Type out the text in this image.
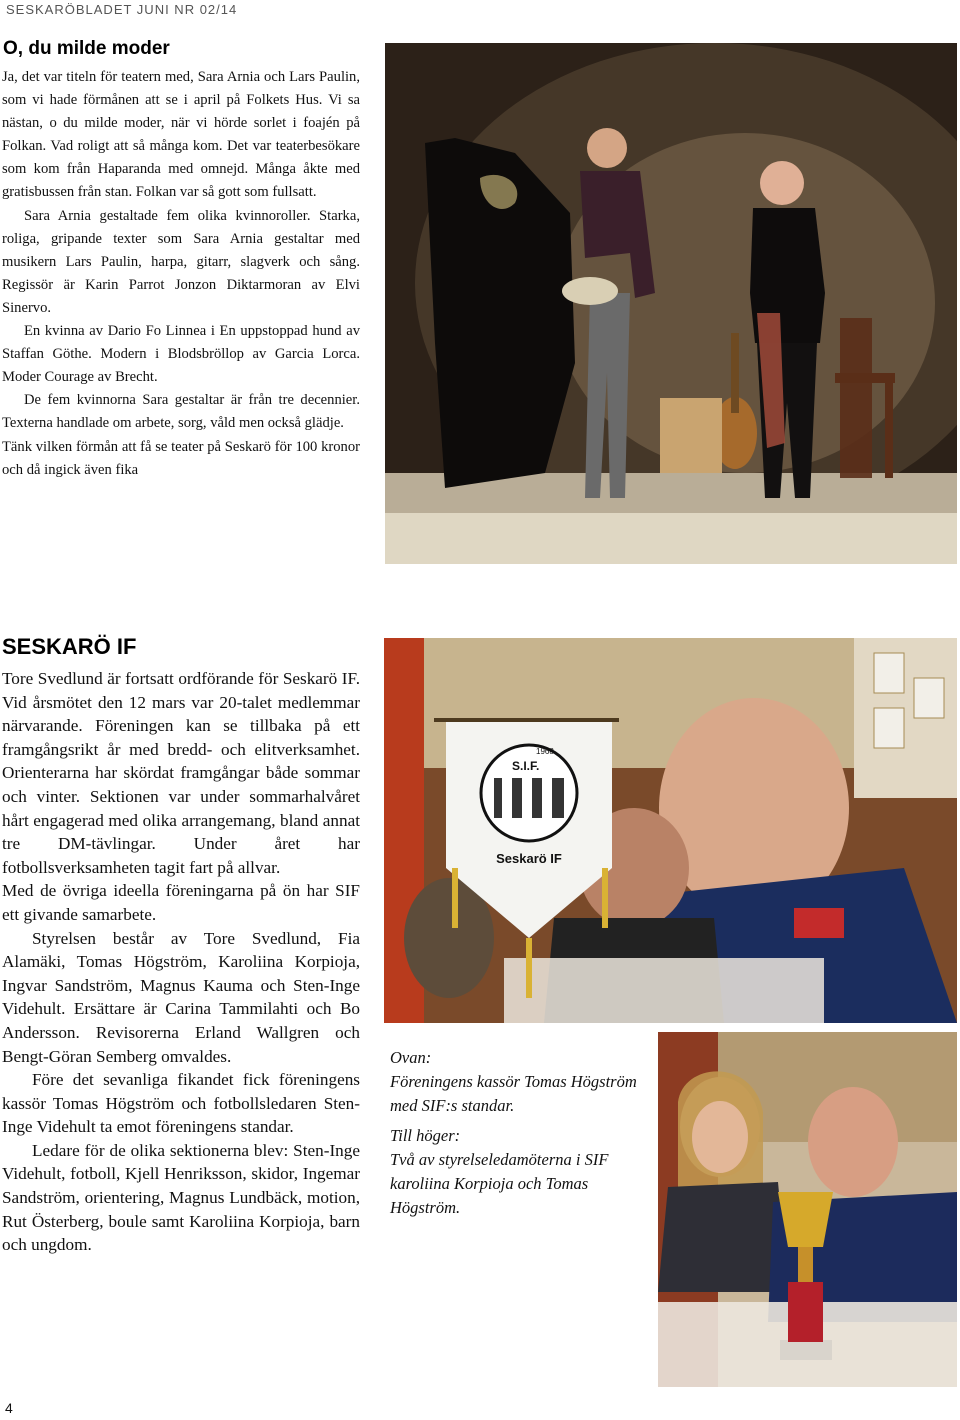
SESKARÖBLADET JUNI NR 02/14
O, du milde moder

Ja, det var titeln för teatern med, Sara Arnia och Lars Paulin, som vi hade förmånen att se i april på Folkets Hus. Vi sa nästan, o du milde moder, när vi hörde sorlet i foajén på Folkan. Vad roligt att så många kom. Det var teaterbesökare som kom från Haparanda med omnejd. Många åkte med gratisbussen från stan. Folkan var så gott som fullsatt.

Sara Arnia gestaltade fem olika kvinnoroller. Starka, roliga, gripande texter som Sara Arnia gestaltar med musikern Lars Paulin, harpa, gitarr, slagverk och sång. Regissör är Karin Parrot Jonzon Diktarmoran av Elvi Sinervo.

En kvinna av Dario Fo Linnea i En uppstoppad hund av Staffan Göthe. Modern i Blodsbröllop av Garcia Lorca. Moder Courage av Brecht.

De fem kvinnorna Sara gestaltar är från tre decennier. Texterna handlade om arbete, sorg, våld men också glädje.

Tänk vilken förmån att få se teater på Seskarö för 100 kronor och då ingick även fika

SESKARÖ IF

Tore Svedlund är fortsatt ordförande för Seskarö IF. Vid årsmötet den 12 mars var 20-talet medlemmar närvarande. Föreningen kan se tillbaka på ett framgångsrikt år med bredd- och elitverksamhet. Orienterarna har skördat framgångar både sommar och vinter. Sektionen var under sommarhalvåret hårt engagerad med olika arrangemang, bland annat tre DM-tävlingar. Under året har fotbollsverksamheten tagit fart på allvar.

Med de övriga ideella föreningarna på ön har SIF ett givande samarbete.

Styrelsen består av Tore Svedlund, Fia Alamäki, Tomas Högström, Karoliina Korpioja, Ingvar Sandström, Magnus Kauma och Sten-Inge Videhult. Ersättare är Carina Tammilahti och Bo Andersson. Revisorerna Erland Wallgren och Bengt-Göran Semberg omvaldes.

Före det sevanliga fikandet fick föreningens kassör Tomas Högström och fotbollsledaren Sten-Inge Videhult ta emot föreningens standar.

Ledare för de olika sektionerna blev: Sten-Inge Videhult, fotboll, Kjell Henriksson, skidor, Ingemar Sandström, orientering, Magnus Lundbäck, motion, Rut Österberg, boule samt Karoliina Korpioja, barn och ungdom.

S.I.F.
1968
Seskarö IF

Ovan:

Föreningens kassör Tomas Högström med SIF:s standar.

Till höger:

Två av styrelseledamöterna i SIF karoliina Korpioja och Tomas Högström.

4
